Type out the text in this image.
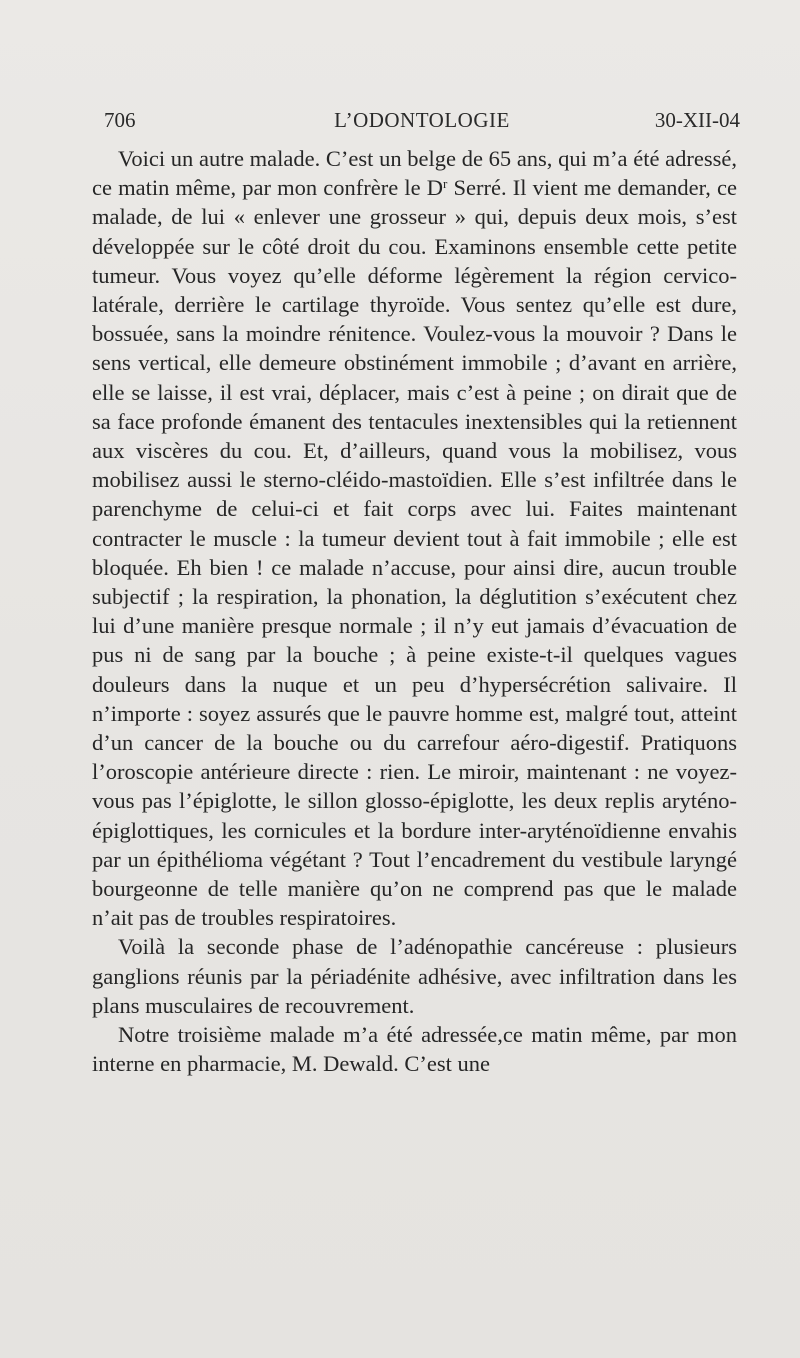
706	L’ODONTOLOGIE	30-XII-04

Voici un autre malade. C’est un belge de 65 ans, qui m’a été adressé, ce matin même, par mon confrère le $D^r$ Serré. Il vient me demander, ce malade, de lui « enlever une grosseur » qui, depuis deux mois, s’est développée sur le côté droit du cou. Examinons ensemble cette petite tumeur. Vous voyez qu’elle déforme légèrement la région cervico-latérale, derrière le cartilage thyroïde. Vous sentez qu’elle est dure, bossuée, sans la moindre rénitence. Voulez-vous la mouvoir ? Dans le sens vertical, elle demeure obstinément immobile ; d’avant en arrière, elle se laisse, il est vrai, déplacer, mais c’est à peine ; on dirait que de sa face profonde émanent des tentacules inextensibles qui la retiennent aux viscères du cou. Et, d’ailleurs, quand vous la mobilisez, vous mobilisez aussi le sterno-cléido-mastoïdien. Elle s’est infiltrée dans le parenchyme de celui-ci et fait corps avec lui. Faites maintenant contracter le muscle : la tumeur devient tout à fait immobile ; elle est bloquée. Eh bien ! ce malade n’accuse, pour ainsi dire, aucun trouble subjectif ; la respiration, la phonation, la déglutition s’exécutent chez lui d’une manière presque normale ; il n’y eut jamais d’évacuation de pus ni de sang par la bouche ; à peine existe-t-il quelques vagues douleurs dans la nuque et un peu d’hypersécrétion salivaire. Il n’importe : soyez assurés que le pauvre homme est, malgré tout, atteint d’un cancer de la bouche ou du carrefour aéro-digestif. Pratiquons l’oroscopie antérieure directe : rien. Le miroir, maintenant : ne voyez-vous pas l’épiglotte, le sillon glosso-épiglotte, les deux replis aryténo-épiglottiques, les cornicules et la bordure inter-aryténoïdienne envahis par un épithélioma végétant ? Tout l’encadrement du vestibule laryngé bourgeonne de telle manière qu’on ne comprend pas que le malade n’ait pas de troubles respiratoires.

Voilà la seconde phase de l’adénopathie cancéreuse : plusieurs ganglions réunis par la périadénite adhésive, avec infiltration dans les plans musculaires de recouvrement.

Notre troisième malade m’a été adressée,ce matin même, par mon interne en pharmacie, M. Dewald. C’est une
